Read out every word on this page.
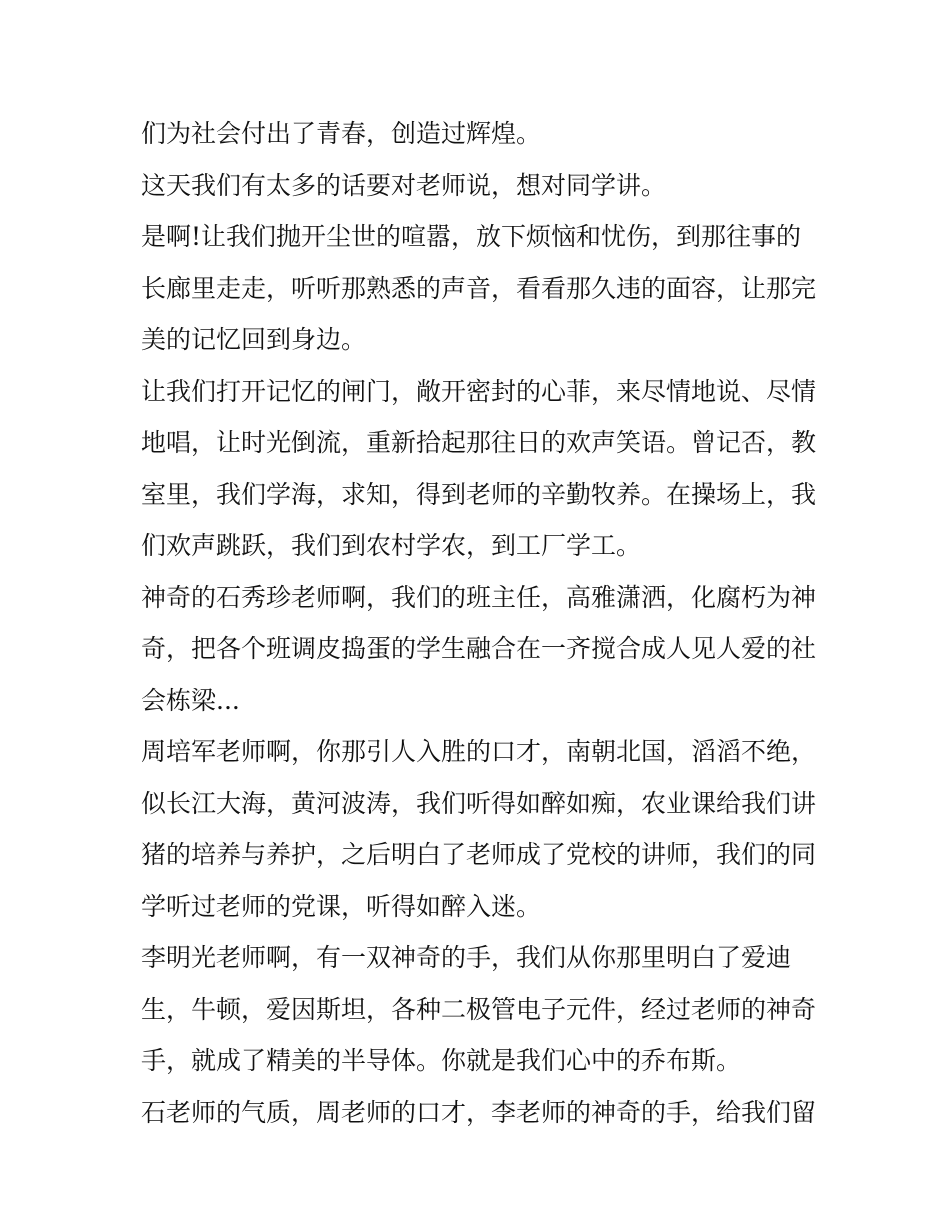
们为社会付出了青春，创造过辉煌。
这天我们有太多的话要对老师说，想对同学讲。
是啊!让我们抛开尘世的喧嚣，放下烦恼和忧伤，到那往事的
长廊里走走，听听那熟悉的声音，看看那久违的面容，让那完
美的记忆回到身边。
让我们打开记忆的闸门，敞开密封的心菲，来尽情地说、尽情
地唱，让时光倒流，重新拾起那往日的欢声笑语。曾记否，教
室里，我们学海，求知，得到老师的辛勤牧养。在操场上，我
们欢声跳跃，我们到农村学农，到工厂学工。
神奇的石秀珍老师啊，我们的班主任，高雅潇洒，化腐朽为神
奇，把各个班调皮捣蛋的学生融合在一齐搅合成人见人爱的社
会栋梁...
周培军老师啊，你那引人入胜的口才，南朝北国，滔滔不绝，
似长江大海，黄河波涛，我们听得如醉如痴，农业课给我们讲
猪的培养与养护，之后明白了老师成了党校的讲师，我们的同
学听过老师的党课，听得如醉入迷。
李明光老师啊，有一双神奇的手，我们从你那里明白了爱迪
生，牛顿，爱因斯坦，各种二极管电子元件，经过老师的神奇
手，就成了精美的半导体。你就是我们心中的乔布斯。
石老师的气质，周老师的口才，李老师的神奇的手，给我们留
